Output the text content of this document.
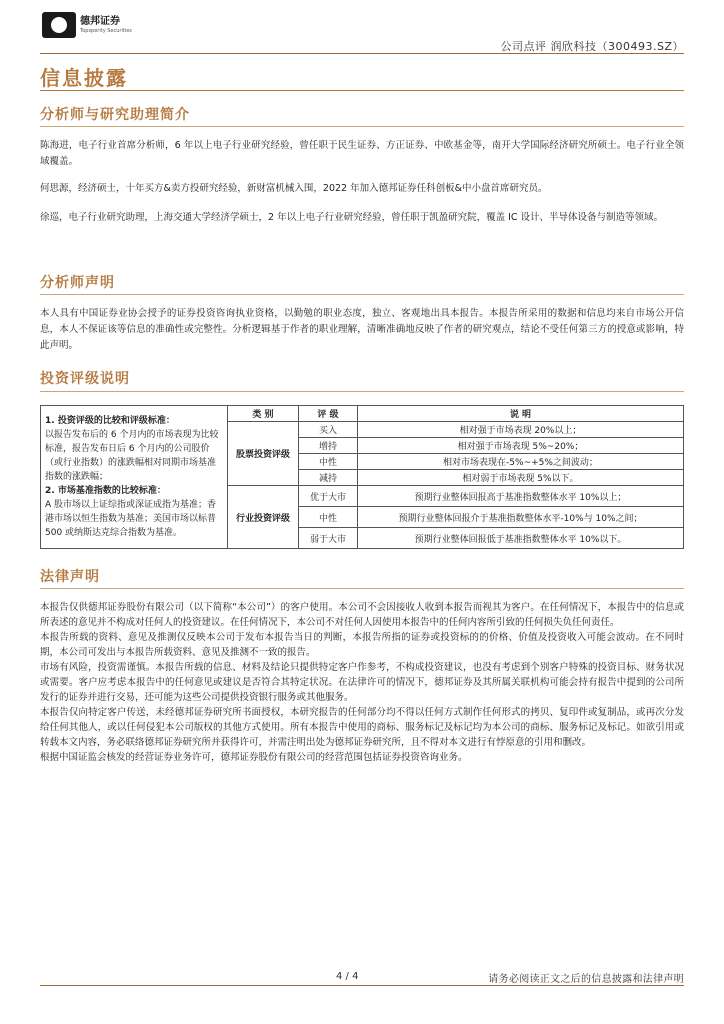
德邦证券
Topsperity Securities
公司点评 润欣科技（300493.SZ）
信息披露
分析师与研究助理简介
陈海进，电子行业首席分析师，6 年以上电子行业研究经验，曾任职于民生证券、方正证券、中欧基金等，南开大学国际经济研究所硕士。电子行业全领域覆盖。
何思源，经济硕士，十年买方&卖方投研究经验，新财富机械入围，2022 年加入德邦证券任科创板&中小盘首席研究员。
徐巡，电子行业研究助理，上海交通大学经济学硕士，2 年以上电子行业研究经验，曾任职于凯盈研究院，覆盖 IC 设计、半导体设备与制造等领域。
分析师声明
本人具有中国证券业协会授予的证券投资咨询执业资格，以勤勉的职业态度，独立、客观地出具本报告。本报告所采用的数据和信息均来自市场公开信息，本人不保证该等信息的准确性或完整性。分析逻辑基于作者的职业理解，清晰准确地反映了作者的研究观点，结论不受任何第三方的授意或影响，特此声明。
投资评级说明
1. 投资评级的比较和评级标准：
以报告发布后的 6 个月内的市场表现为比较标准，报告发布日后 6 个月内的公司股价（或行业指数）的涨跌幅相对同期市场基准指数的涨跌幅；
2. 市场基准指数的比较标准：
A 股市场以上证综指或深证成指为基准；香港市场以恒生指数为基准；美国市场以标普 500 或纳斯达克综合指数为基准。	类 别	评 级	说 明
	股票投资评级	买入	相对强于市场表现 20%以上；
		增持	相对强于市场表现 5%~20%；
		中性	相对市场表现在-5%~+5%之间波动；
		减持	相对弱于市场表现 5%以下。
	行业投资评级	优于大市	预期行业整体回报高于基准指数整体水平 10%以上；
		中性	预期行业整体回报介于基准指数整体水平-10%与 10%之间；
		弱于大市	预期行业整体回报低于基准指数整体水平 10%以下。
法律声明
本报告仅供德邦证券股份有限公司（以下简称“本公司”）的客户使用。本公司不会因接收人收到本报告而视其为客户。在任何情况下，本报告中的信息或所表述的意见并不构成对任何人的投资建议。在任何情况下，本公司不对任何人因使用本报告中的任何内容所引致的任何损失负任何责任。
本报告所载的资料、意见及推测仅反映本公司于发布本报告当日的判断，本报告所指的证券或投资标的的价格、价值及投资收入可能会波动。在不同时期，本公司可发出与本报告所载资料、意见及推测不一致的报告。
市场有风险，投资需谨慎。本报告所载的信息、材料及结论只提供特定客户作参考，不构成投资建议，也没有考虑到个别客户特殊的投资目标、财务状况或需要。客户应考虑本报告中的任何意见或建议是否符合其特定状况。在法律许可的情况下，德邦证券及其所属关联机构可能会持有报告中提到的公司所发行的证券并进行交易，还可能为这些公司提供投资银行服务或其他服务。
本报告仅向特定客户传送，未经德邦证券研究所书面授权，本研究报告的任何部分均不得以任何方式制作任何形式的拷贝、复印件或复制品，或再次分发给任何其他人，或以任何侵犯本公司版权的其他方式使用。所有本报告中使用的商标、服务标记及标记均为本公司的商标、服务标记及标记。如欲引用或转载本文内容，务必联络德邦证券研究所并获得许可，并需注明出处为德邦证券研究所，且不得对本文进行有悖原意的引用和删改。
根据中国证监会核发的经营证券业务许可，德邦证券股份有限公司的经营范围包括证券投资咨询业务。
4 / 4	请务必阅读正文之后的信息披露和法律声明
